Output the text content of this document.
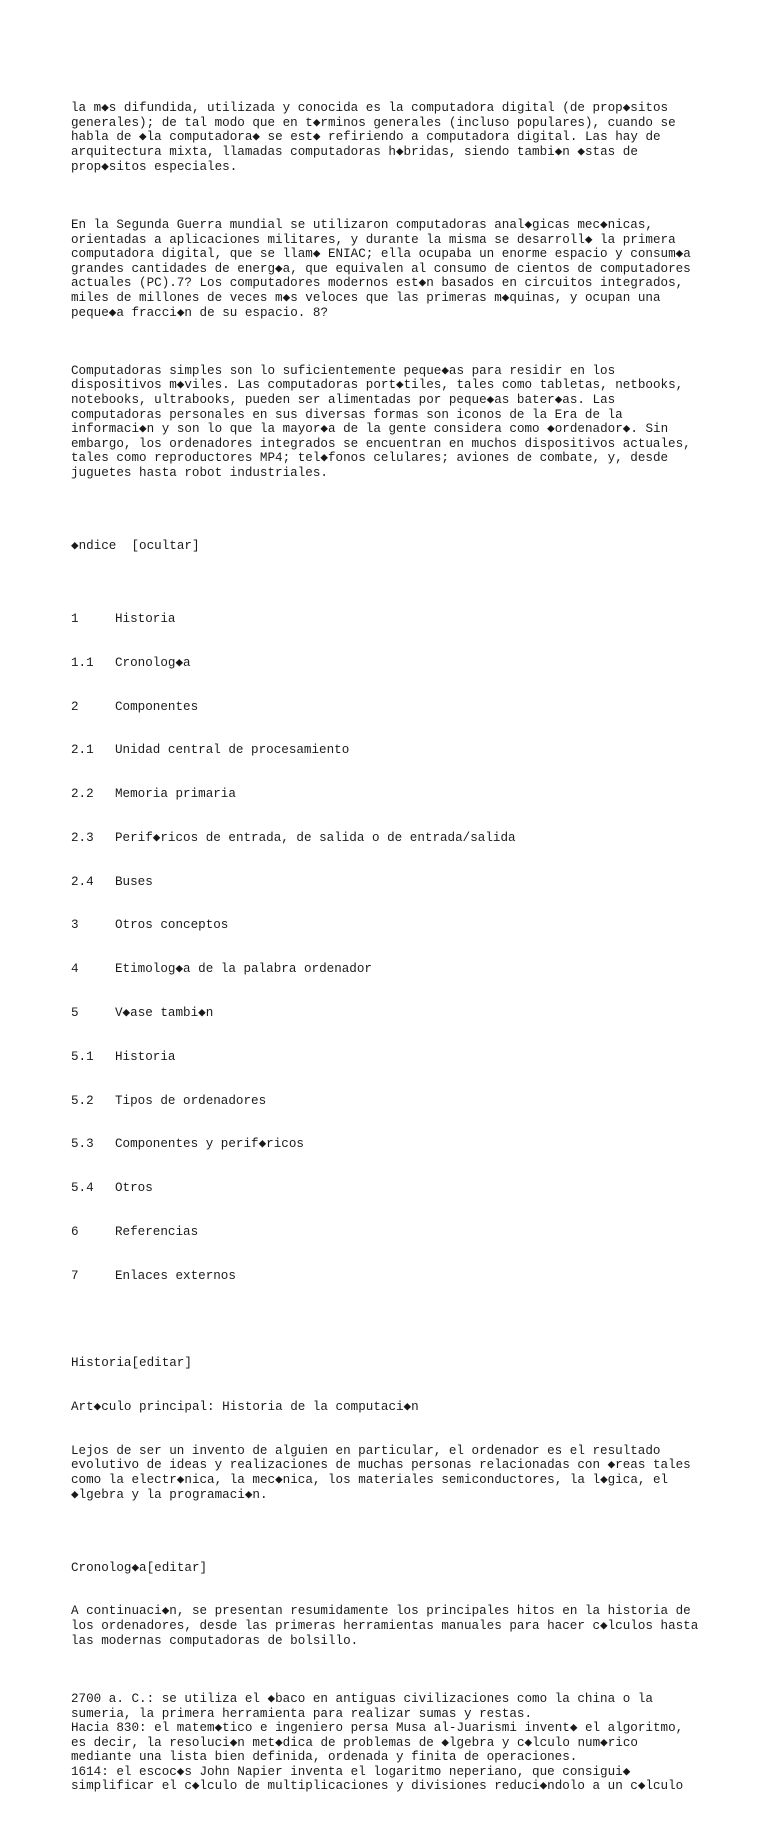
la m◆s difundida, utilizada y conocida es la computadora digital (de prop◆sitos
generales); de tal modo que en t◆rminos generales (incluso populares), cuando se
habla de ◆la computadora◆ se est◆ refiriendo a computadora digital. Las hay de
arquitectura mixta, llamadas computadoras h◆bridas, siendo tambi◆n ◆stas de
prop◆sitos especiales.

En la Segunda Guerra mundial se utilizaron computadoras anal◆gicas mec◆nicas,
orientadas a aplicaciones militares, y durante la misma se desarroll◆ la primera
computadora digital, que se llam◆ ENIAC; ella ocupaba un enorme espacio y consum◆a
grandes cantidades de energ◆a, que equivalen al consumo de cientos de computadores
actuales (PC).7? Los computadores modernos est◆n basados en circuitos integrados,
miles de millones de veces m◆s veloces que las primeras m◆quinas, y ocupan una
peque◆a fracci◆n de su espacio. 8?

Computadoras simples son lo suficientemente peque◆as para residir en los
dispositivos m◆viles. Las computadoras port◆tiles, tales como tabletas, netbooks,
notebooks, ultrabooks, pueden ser alimentadas por peque◆as bater◆as. Las
computadoras personales en sus diversas formas son iconos de la Era de la
informaci◆n y son lo que la mayor◆a de la gente considera como ◆ordenador◆. Sin
embargo, los ordenadores integrados se encuentran en muchos dispositivos actuales,
tales como reproductores MP4; tel◆fonos celulares; aviones de combate, y, desde
juguetes hasta robot industriales.

◆ndice  [ocultar]

1	Historia

1.1 Cronolog◆a

2	Componentes

2.1 Unidad central de procesamiento

2.2 Memoria primaria

2.3 Perif◆ricos de entrada, de salida o de entrada/salida

2.4 Buses

3	Otros conceptos

4	Etimolog◆a de la palabra ordenador

5	V◆ase tambi◆n

5.1 Historia

5.2 Tipos de ordenadores

5.3 Componentes y perif◆ricos

5.4 Otros

6	Referencias

7	Enlaces externos

Historia[editar]

Art◆culo principal: Historia de la computaci◆n

Lejos de ser un invento de alguien en particular, el ordenador es el resultado
evolutivo de ideas y realizaciones de muchas personas relacionadas con ◆reas tales
como la electr◆nica, la mec◆nica, los materiales semiconductores, la l◆gica, el
◆lgebra y la programaci◆n.

Cronolog◆a[editar]

A continuaci◆n, se presentan resumidamente los principales hitos en la historia de
los ordenadores, desde las primeras herramientas manuales para hacer c◆lculos hasta
las modernas computadoras de bolsillo.

2700 a. C.: se utiliza el ◆baco en antiguas civilizaciones como la china o la
sumeria, la primera herramienta para realizar sumas y restas.
Hacia 830: el matem◆tico e ingeniero persa Musa al-Juarismi invent◆ el algoritmo,
es decir, la resoluci◆n met◆dica de problemas de ◆lgebra y c◆lculo num◆rico
mediante una lista bien definida, ordenada y finita de operaciones.
1614: el escoc◆s John Napier inventa el logaritmo neperiano, que consigui◆
simplificar el c◆lculo de multiplicaciones y divisiones reduci◆ndolo a un c◆lculo
